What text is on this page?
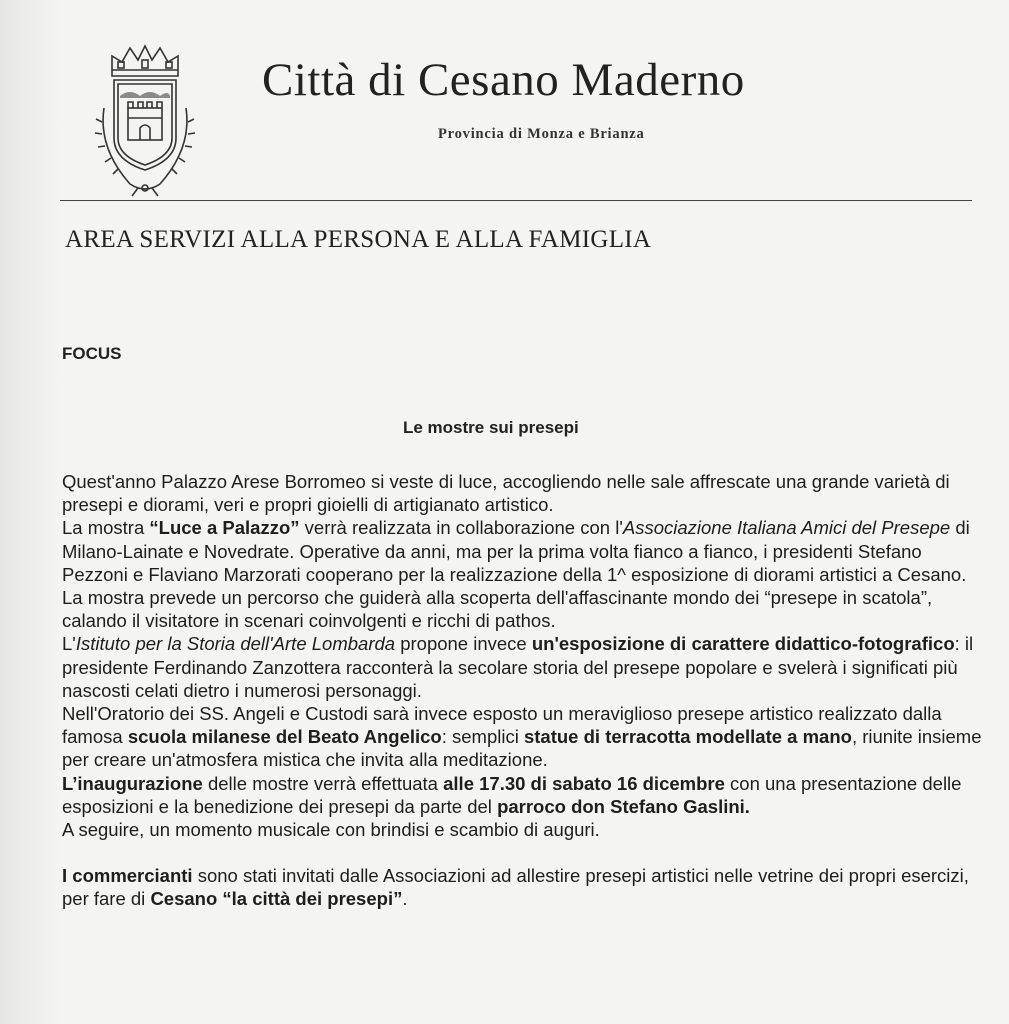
Città di Cesano Maderno
Provincia di Monza e Brianza
AREA SERVIZI ALLA PERSONA E ALLA FAMIGLIA
FOCUS
Le mostre sui presepi

Quest'anno Palazzo Arese Borromeo si veste di luce, accogliendo nelle sale affrescate una grande varietà di presepi e diorami, veri e propri gioielli di artigianato artistico.

La mostra “Luce a Palazzo” verrà realizzata in collaborazione con l'Associazione Italiana Amici del Presepe di Milano-Lainate e Novedrate. Operative da anni, ma per la prima volta fianco a fianco, i presidenti Stefano Pezzoni e Flaviano Marzorati cooperano per la realizzazione della 1^ esposizione di diorami artistici a Cesano. La mostra prevede un percorso che guiderà alla scoperta dell'affascinante mondo dei “presepe in scatola”, calando il visitatore in scenari coinvolgenti e ricchi di pathos.

L'Istituto per la Storia dell'Arte Lombarda propone invece un'esposizione di carattere didattico-fotografico: il presidente Ferdinando Zanzottera racconterà la secolare storia del presepe popolare e svelerà i significati più nascosti celati dietro i numerosi personaggi.

Nell'Oratorio dei SS. Angeli e Custodi sarà invece esposto un meraviglioso presepe artistico realizzato dalla famosa scuola milanese del Beato Angelico: semplici statue di terracotta modellate a mano, riunite insieme per creare un'atmosfera mistica che invita alla meditazione.

L’inaugurazione delle mostre verrà effettuata alle 17.30 di sabato 16 dicembre con una presentazione delle esposizioni e la benedizione dei presepi da parte del parroco don Stefano Gaslini.

A seguire, un momento musicale con brindisi e scambio di auguri.

I commercianti sono stati invitati dalle Associazioni ad allestire presepi artistici nelle vetrine dei propri esercizi, per fare di Cesano “la città dei presepi”.
